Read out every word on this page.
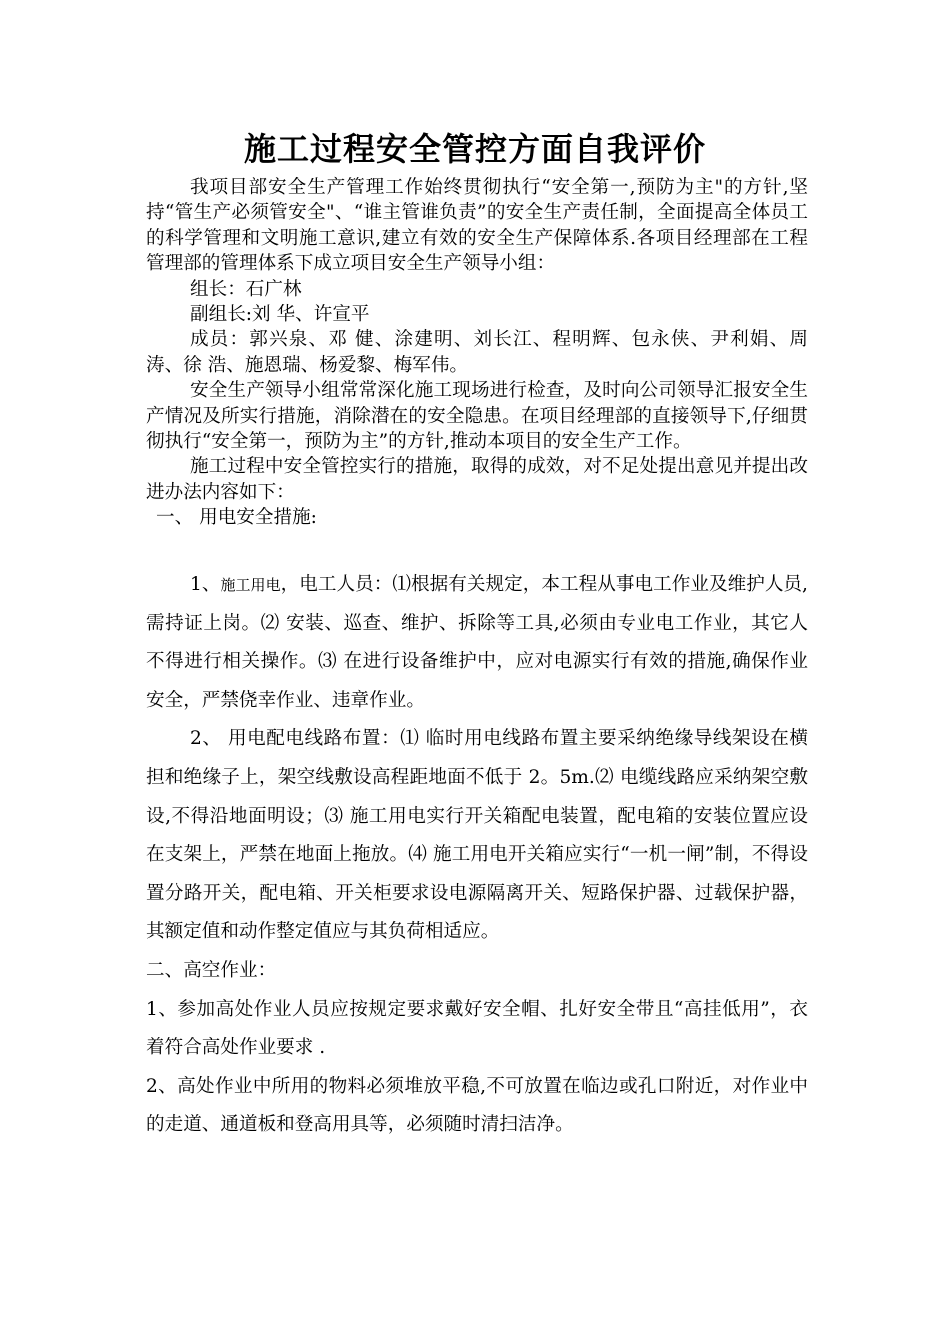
施工过程安全管控方面自我评价

我项目部安全生产管理工作始终贯彻执行“安全第一,预防为主"的方针,坚持“管生产必须管安全"、“谁主管谁负责”的安全生产责任制，全面提高全体员工的科学管理和文明施工意识,建立有效的安全生产保障体系.各项目经理部在工程管理部的管理体系下成立项目安全生产领导小组：

组长：石广林

副组长:刘 华、许宣平

成员：郭兴泉、邓 健、涂建明、刘长江、程明辉、包永侠、尹利娟、周 涛、徐 浩、施恩瑞、杨爱黎、梅军伟。

安全生产领导小组常常深化施工现场进行检查，及时向公司领导汇报安全生产情况及所实行措施，消除潜在的安全隐患。在项目经理部的直接领导下,仔细贯彻执行“安全第一，预防为主”的方针,推动本项目的安全生产工作。

施工过程中安全管控实行的措施，取得的成效，对不足处提出意见并提出改进办法内容如下：

一、 用电安全措施:

1、施工用电，电工人员：⑴根据有关规定，本工程从事电工作业及维护人员,需持证上岗。⑵ 安装、巡查、维护、拆除等工具,必须由专业电工作业，其它人不得进行相关操作。⑶ 在进行设备维护中，应对电源实行有效的措施,确保作业安全，严禁侥幸作业、违章作业。

2、 用电配电线路布置：⑴ 临时用电线路布置主要采纳绝缘导线架设在横担和绝缘子上，架空线敷设高程距地面不低于 2。5m.⑵ 电缆线路应采纳架空敷设,不得沿地面明设；⑶ 施工用电实行开关箱配电装置，配电箱的安装位置应设在支架上，严禁在地面上拖放。⑷ 施工用电开关箱应实行“一机一闸”制，不得设置分路开关，配电箱、开关柜要求设电源隔离开关、短路保护器、过载保护器，其额定值和动作整定值应与其负荷相适应。

二、高空作业：

1、参加高处作业人员应按规定要求戴好安全帽、扎好安全带且“高挂低用”，衣着符合高处作业要求 .

2、高处作业中所用的物料必须堆放平稳,不可放置在临边或孔口附近，对作业中的走道、通道板和登高用具等，必须随时清扫洁净。
